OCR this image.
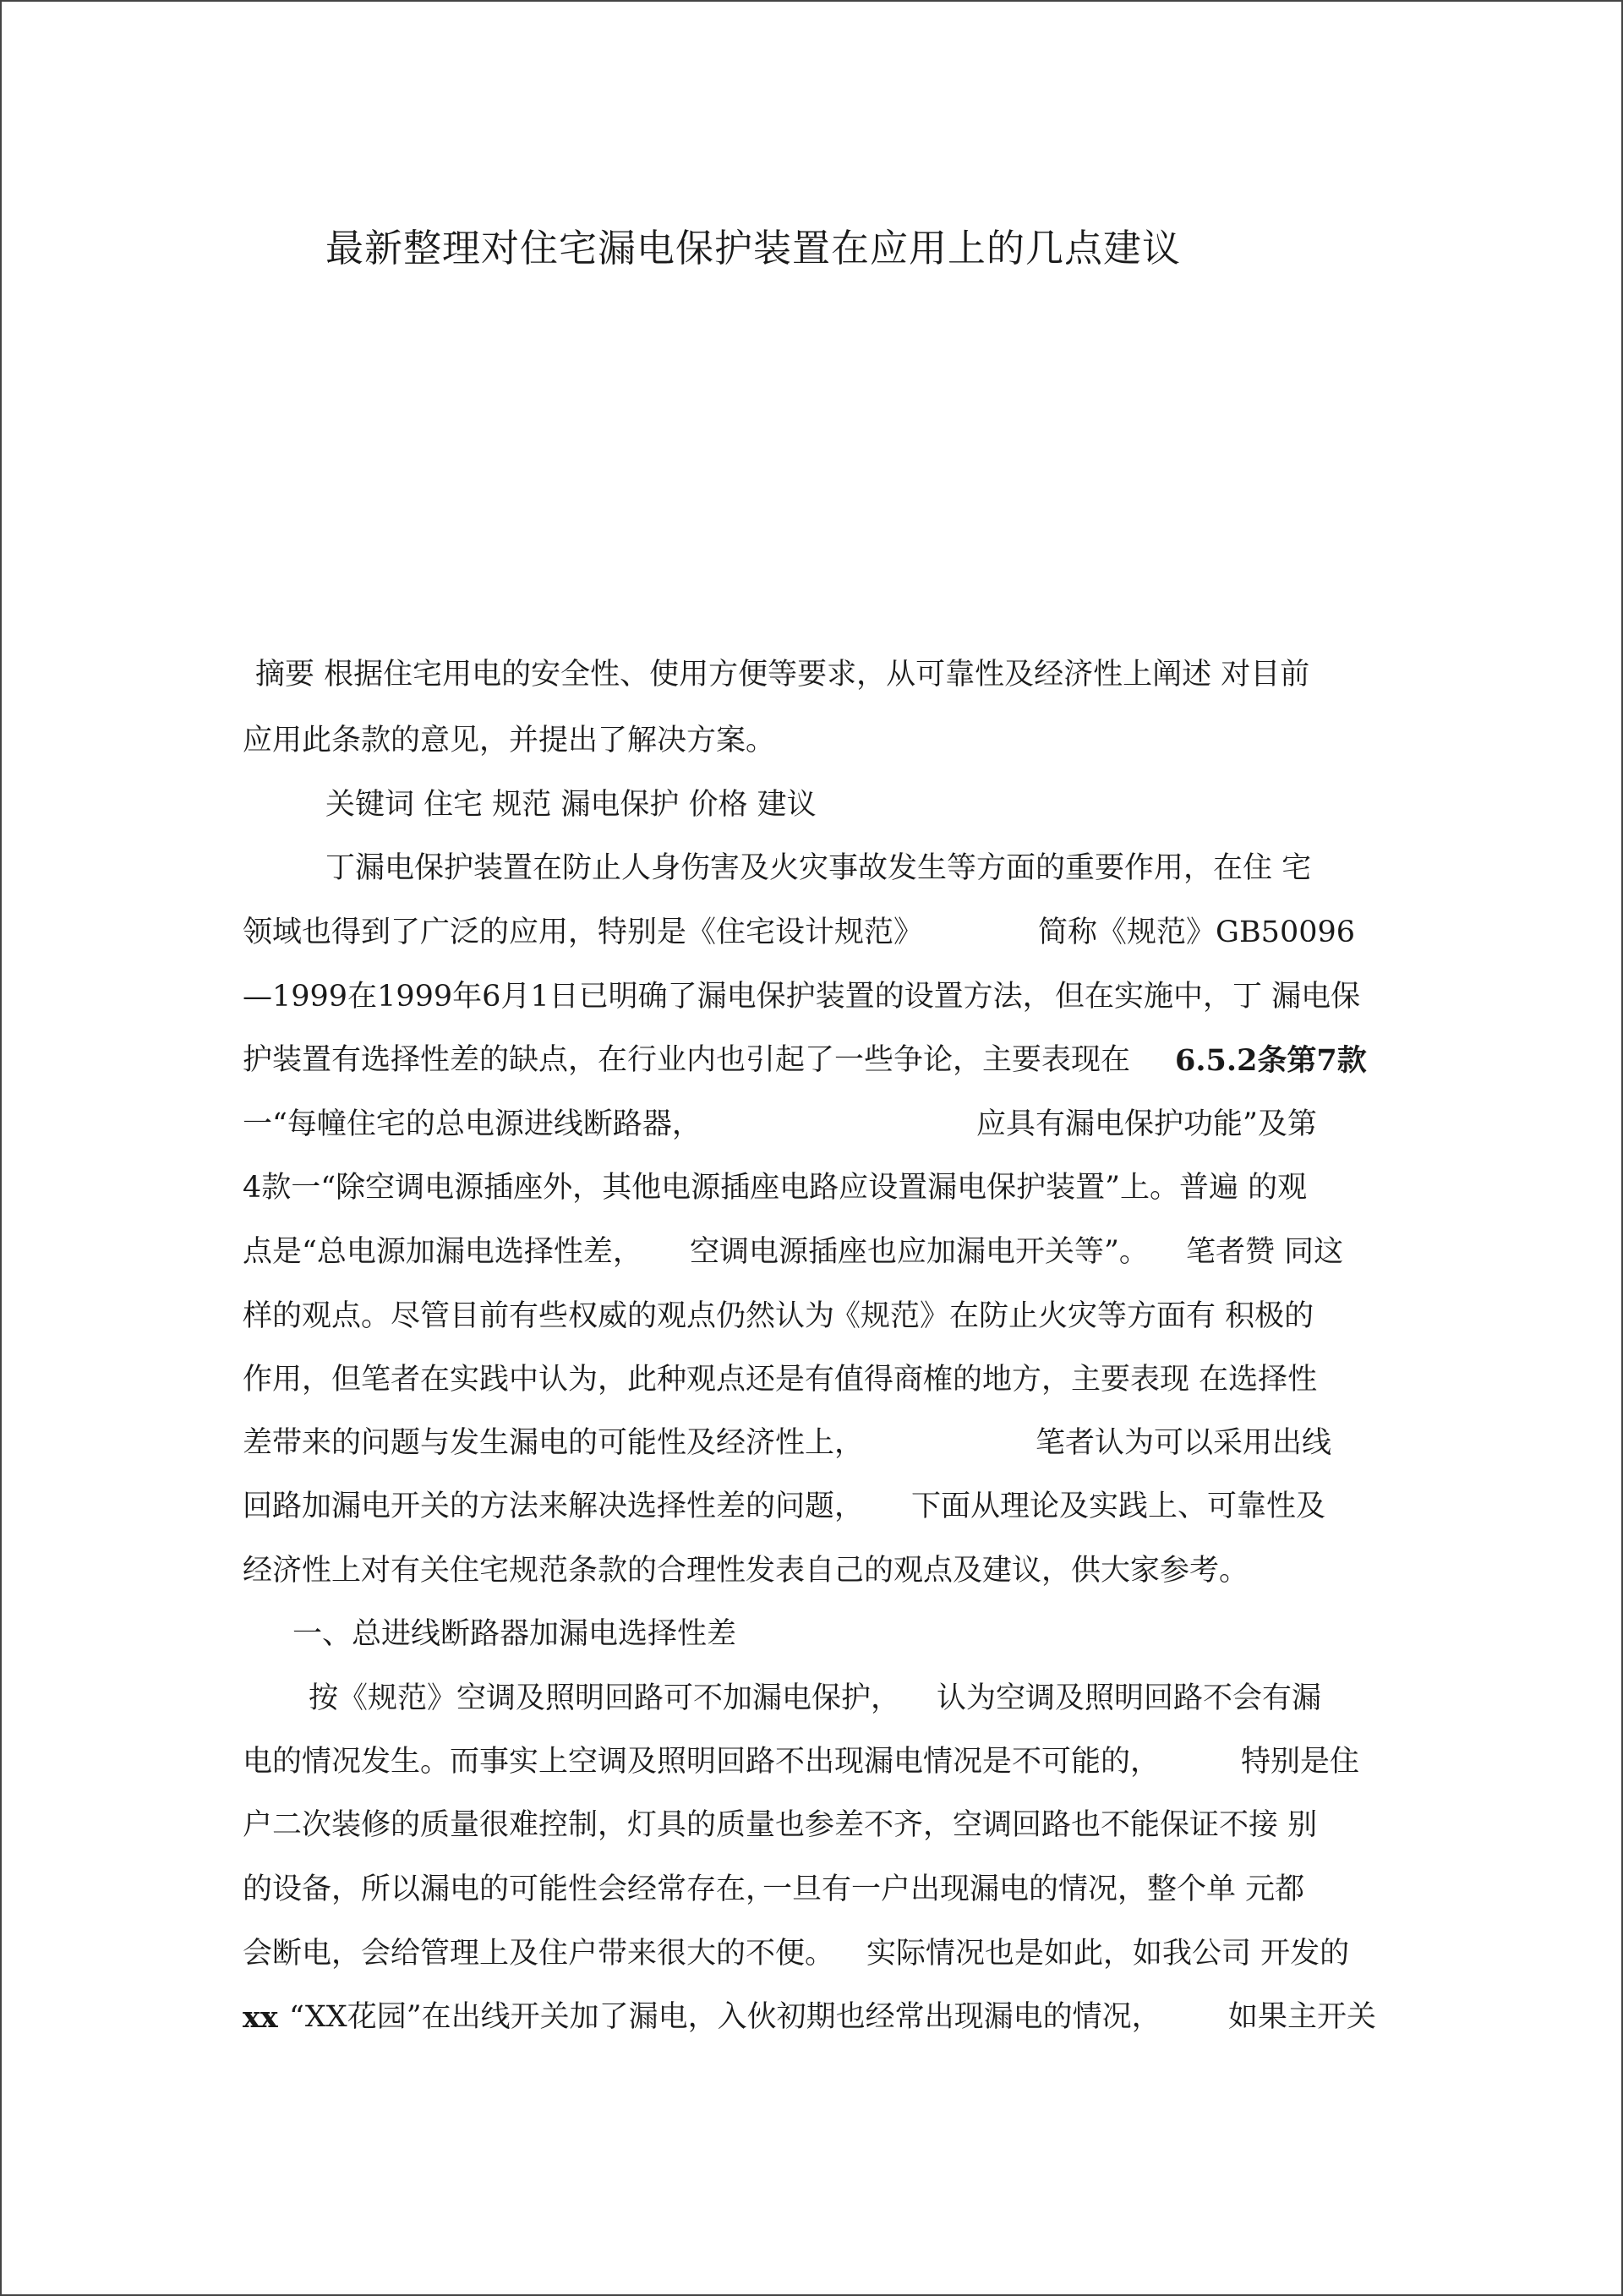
最新整理对住宅漏电保护装置在应用上的几点建议
摘要 根据住宅用电的安全性、使用方便等要求，从可靠性及经济性上阐述 对目前
应用此条款的意见，并提出了解决方案。
关键词 住宅 规范 漏电保护 价格 建议
丁漏电保护装置在防止人身伤害及火灾事故发生等方面的重要作用，在住 宅
领域也得到了广泛的应用，特别是《住宅设计规范》	简称《规范》GB50096
—1999在1999年6月1日已明确了漏电保护装置的设置方法， 但在实施中，丁 漏电保
护装置有选择性差的缺点，在行业内也引起了一些争论，主要表现在 6.5.2条第7款
一“每幢住宅的总电源进线断路器，	应具有漏电保护功能”及第
4款一“除空调电源插座外，其他电源插座电路应设置漏电保护装置”上。普遍 的观
点是“总电源加漏电选择性差， 空调电源插座也应加漏电开关等”。 笔者赞 同这
样的观点。尽管目前有些权威的观点仍然认为
《规范》在防止火灾等方面有 积极的
作用，但笔者在实践中认为，此种观点还是有值得商榷的地方，主要表现 在选择性
差带来的问题与发生漏电的可能性及经济性上，	笔者认为可以采用出线
回路加漏电开关的方法来解决选择性差的问题， 下面从理论及实践上、可靠性及
经济性上对有关住宅规范条款的合理性发表自己的观点及建议，供大家参考。
一、总进线断路器加漏电选择性差
按《规范》空调及照明回路可不加漏电保护， 认为空调及照明回路不会有漏
电的情况发生。而事实上空调及照明回路不出现漏电情况是不可能的，	特别是住
户二次装修的质量很难控制，灯具的质量也参差不齐，空调回路也不能保证不接 别
的设备，所以漏电的可能性会经常存在，
一旦有一户出现漏电的情况，整个单 元都
会断电，会给管理上及住户带来很大的不便。 实际情况也是如此，如我公司 开发的
xx “XX花园”在出线开关加了漏电，入伙初期也经常出现漏电的情况， 如果主开关
